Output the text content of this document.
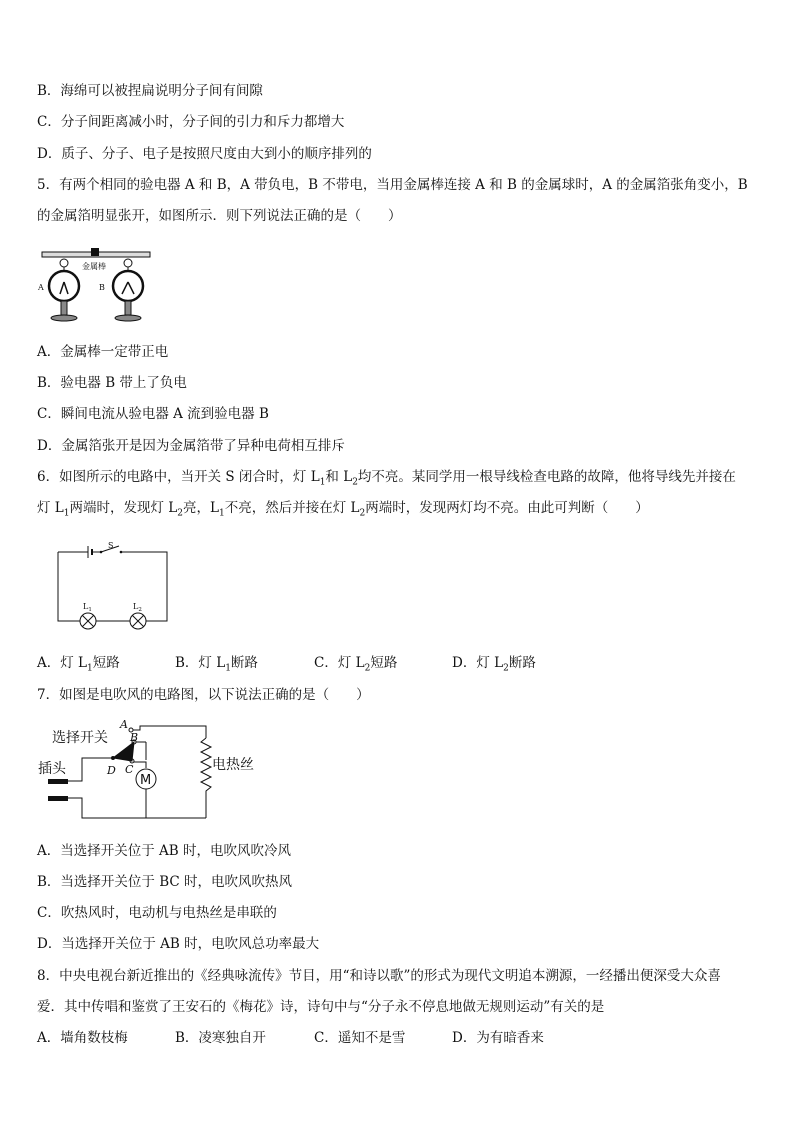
B．海绵可以被捏扁说明分子间有间隙
C．分子间距离减小时，分子间的引力和斥力都增大
D．质子、分子、电子是按照尺度由大到小的顺序排列的
5．有两个相同的验电器 A 和 B，A 带负电，B 不带电，当用金属棒连接 A 和 B 的金属球时，A 的金属箔张角变小，B
的金属箔明显张开，如图所示．则下列说法正确的是（　　）
金属棒
A	B
A．金属棒一定带正电
B．验电器 B 带上了负电
C．瞬间电流从验电器 A 流到验电器 B
D．金属箔张开是因为金属箔带了异种电荷相互排斥
6．如图所示的电路中，当开关 S 闭合时，灯 $L_1$和 $L_2$均不亮。某同学用一根导线检查电路的故障，他将导线先并接在
灯 $L_1$两端时，发现灯 $L_2$亮，$L_1$不亮，然后并接在灯 $L_2$两端时，发现两灯均不亮。由此可判断（　　）
S
$L_1$	$L_2$
A．灯 $L_1$短路	B．灯 $L_1$断路	C．灯 $L_2$短路	D．灯 $L_2$断路
7．如图是电吹风的电路图，以下说法正确的是（　　）
选择开关
插头	电热丝
M
A
B
C
D
A．当选择开关位于 AB 时，电吹风吹冷风
B．当选择开关位于 BC 时，电吹风吹热风
C．吹热风时，电动机与电热丝是串联的
D．当选择开关位于 AB 时，电吹风总功率最大
8．中央电视台新近推出的《经典咏流传》节目，用“和诗以歌”的形式为现代文明追本溯源，一经播出便深受大众喜
爱．其中传唱和鉴赏了王安石的《梅花》诗，诗句中与“分子永不停息地做无规则运动”有关的是
A．墙角数枝梅	B．凌寒独自开	C．遥知不是雪	D．为有暗香来
